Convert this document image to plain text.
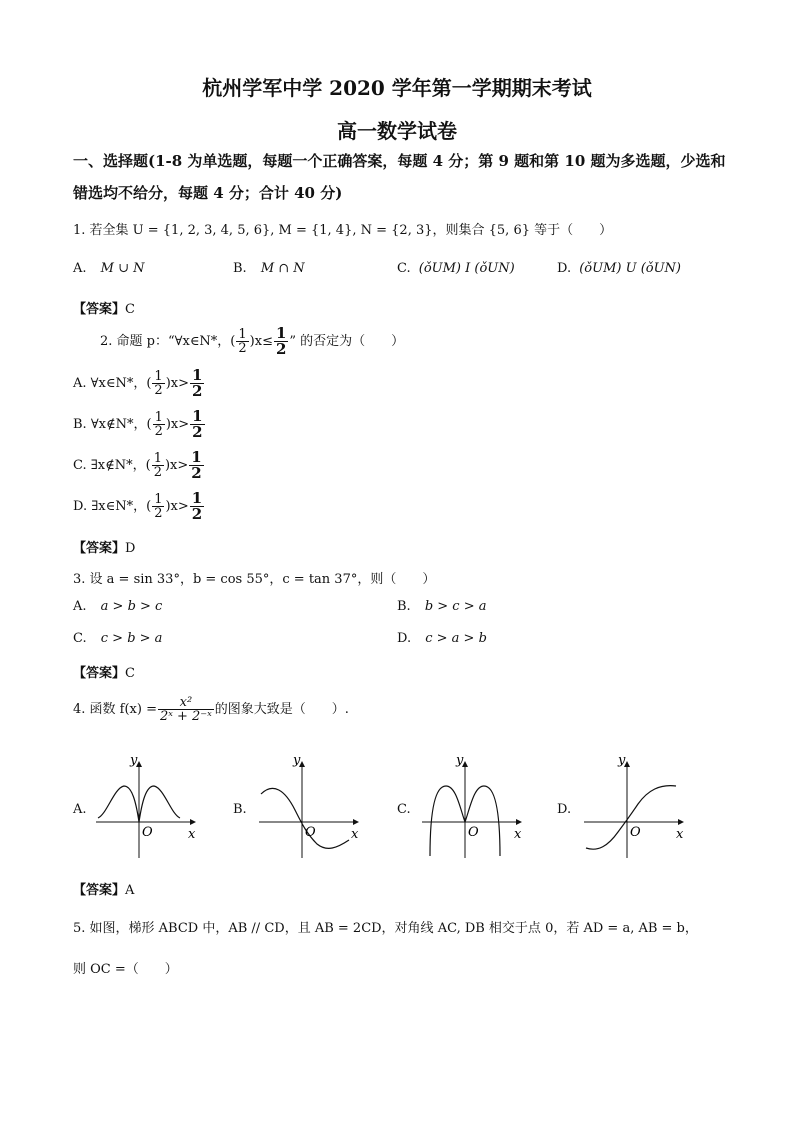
杭州学军中学 2020 学年第一学期期末考试
高一数学试卷
一、选择题(1-8 为单选题，每题一个正确答案，每题 4 分；第 9 题和第 10 题为多选题，少选和
错选均不给分，每题 4 分；合计 40 分)
1. 若全集 U = {1, 2, 3, 4, 5, 6}, M = {1, 4}, N = {2, 3}，则集合 {5, 6} 等于（　　）
A. M ∪ N	B. M ∩ N	C. (ǒUM) I (ǒUN)	D. (ǒUM) U (ǒUN)
【答案】C
2. 命题 p：“∀x∈N*，( $\frac{1}{2} )x\le \frac{1}{2}$ ” 的否定为（　　）
A. ∀x∈N*，( $\frac{1}{2} )x> \frac{1}{2}$
B. ∀x∉N*，( $\frac{1}{2} )x> \frac{1}{2}$
C. ∃x∉N*，( $\frac{1}{2} )x> \frac{1}{2}$
D. ∃x∈N*，( $\frac{1}{2} )x> \frac{1}{2}$
【答案】D
3. 设 a = sin 33°，b = cos 55°，c = tan 37°，则（　　）
A. a > b > c	B. b > c > a
C. c > b > a	D. c > a > b
【答案】C
4. 函数 $f(x) = \frac{\text{x²}}{\text{2ˣ + 2⁻ˣ}}$ 的图象大致是（　　）.
A.	B.	C.	D.
y
x
O
y
x
O
y
x
O
y
x
O
【答案】A
5. 如图，梯形 ABCD 中，AB // CD，且 AB = 2CD，对角线 AC, DB 相交于点 0，若 AD = a, AB = b，
则 OC =（　　）
